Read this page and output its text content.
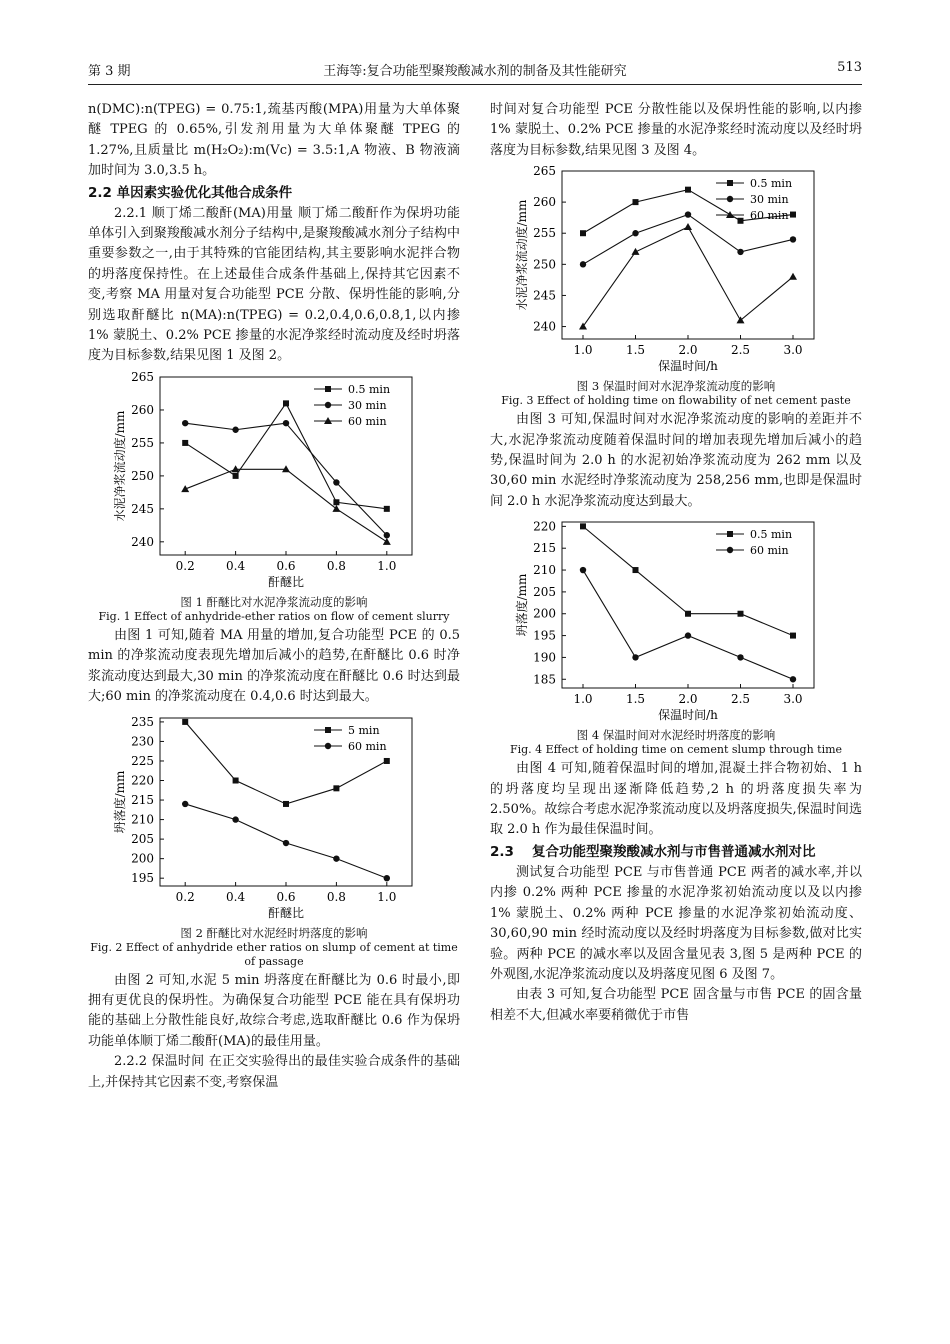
第 3 期	王海等:复合功能型聚羧酸减水剂的制备及其性能研究	513

n(DMC):n(TPEG) = 0.75:1,巯基丙酸(MPA)用量为大单体聚醚 TPEG 的 0.65%,引发剂用量为大单体聚醚 TPEG 的 1.27%,且质量比 m(H₂O₂):m(Vc) = 3.5:1,A 物液、B 物液滴加时间为 3.0,3.5 h。

2.2 单因素实验优化其他合成条件

2.2.1 顺丁烯二酸酐(MA)用量 顺丁烯二酸酐作为保坍功能单体引入到聚羧酸减水剂分子结构中,是聚羧酸减水剂分子结构中重要参数之一,由于其特殊的官能团结构,其主要影响水泥拌合物的坍落度保持性。在上述最佳合成条件基础上,保持其它因素不变,考察 MA 用量对复合功能型 PCE 分散、保坍性能的影响,分别选取酐醚比 n(MA):n(TPEG) = 0.2,0.4,0.6,0.8,1,以内掺 1% 蒙脱土、0.2% PCE 掺量的水泥净浆经时流动度及经时坍落度为目标参数,结果见图 1 及图 2。

240
245
250
255
260
265
0.2	0.4	0.6	0.8	1.0
酐醚比
水泥净浆流动度/mm
0.5 min
30 min
60 min
图 1 酐醚比对水泥净浆流动度的影响
Fig. 1 Effect of anhydride-ether ratios on flow of cement slurry

由图 1 可知,随着 MA 用量的增加,复合功能型 PCE 的 0.5 min 的净浆流动度表现先增加后减小的趋势,在酐醚比 0.6 时净浆流动度达到最大,30 min 的净浆流动度在酐醚比 0.6 时达到最大;60 min 的净浆流动度在 0.4,0.6 时达到最大。

195
200
205
210
215
220
225
230
235
0.2	0.4	0.6	0.8	1.0
酐醚比
坍落度/mm
5 min
60 min
图 2 酐醚比对水泥经时坍落度的影响
Fig. 2 Effect of anhydride ether ratios on slump of cement at time of passage

由图 2 可知,水泥 5 min 坍落度在酐醚比为 0.6 时最小,即拥有更优良的保坍性。为确保复合功能型 PCE 能在具有保坍功能的基础上分散性能良好,故综合考虑,选取酐醚比 0.6 作为保坍功能单体顺丁烯二酸酐(MA)的最佳用量。

2.2.2 保温时间 在正交实验得出的最佳实验合成条件的基础上,并保持其它因素不变,考察保温

时间对复合功能型 PCE 分散性能以及保坍性能的影响,以内掺 1% 蒙脱土、0.2% PCE 掺量的水泥净浆经时流动度以及经时坍落度为目标参数,结果见图 3 及图 4。

240
245
250
255
260
265
1.0	1.5	2.0	2.5	3.0
保温时间/h
水泥净浆流动度/mm
0.5 min
30 min
60 min
图 3 保温时间对水泥净浆流动度的影响
Fig. 3 Effect of holding time on flowability of net cement paste

由图 3 可知,保温时间对水泥净浆流动度的影响的差距并不大,水泥净浆流动度随着保温时间的增加表现先增加后减小的趋势,保温时间为 2.0 h 的水泥初始净浆流动度为 262 mm 以及 30,60 min 水泥经时净浆流动度为 258,256 mm,也即是保温时间 2.0 h 水泥净浆流动度达到最大。

185
190
195
200
205
210
215
220
1.0	1.5	2.0	2.5	3.0
保温时间/h
坍落度/mm
0.5 min
60 min
图 4 保温时间对水泥经时坍落度的影响
Fig. 4 Effect of holding time on cement slump through time

由图 4 可知,随着保温时间的增加,混凝土拌合物初始、1 h 的坍落度均呈现出逐渐降低趋势,2 h 的坍落度损失率为 2.50%。故综合考虑水泥净浆流动度以及坍落度损失,保温时间选取 2.0 h 作为最佳保温时间。

2.3	复合功能型聚羧酸减水剂与市售普通减水剂对比

测试复合功能型 PCE 与市售普通 PCE 两者的减水率,并以内掺 0.2% 两种 PCE 掺量的水泥净浆初始流动度以及以内掺 1% 蒙脱土、0.2% 两种 PCE 掺量的水泥净浆初始流动度、30,60,90 min 经时流动度以及经时坍落度为目标参数,做对比实验。两种 PCE 的减水率以及固含量见表 3,图 5 是两种 PCE 的外观图,水泥净浆流动度以及坍落度见图 6 及图 7。

由表 3 可知,复合功能型 PCE 固含量与市售 PCE 的固含量相差不大,但减水率要稍微优于市售
